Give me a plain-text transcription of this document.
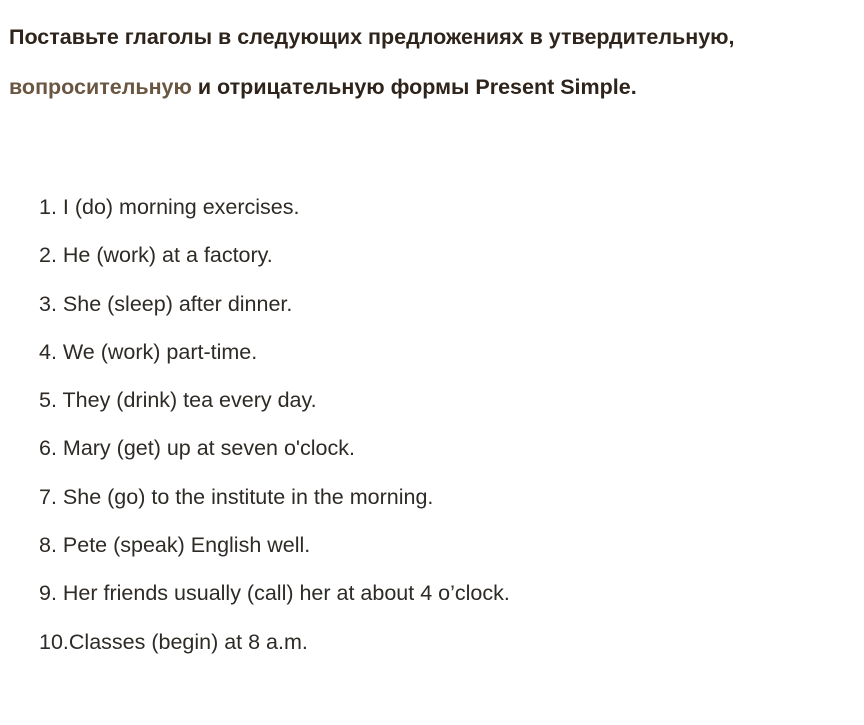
Поставьте глаголы в следующих предложениях в утвердительную, вопросительную и отрицательную формы Present Simple.

1. I (do) morning exercises.
2. He (work) at a factory.
3. She (sleep) after dinner.
4. We (work) part-time.
5. They (drink) tea every day.
6. Mary (get) up at seven o'clock.
7. She (go) to the institute in the morning.
8. Pete (speak) English well.
9. Her friends usually (call) her at about 4 o’clock.
10.Classes (begin) at 8 a.m.
